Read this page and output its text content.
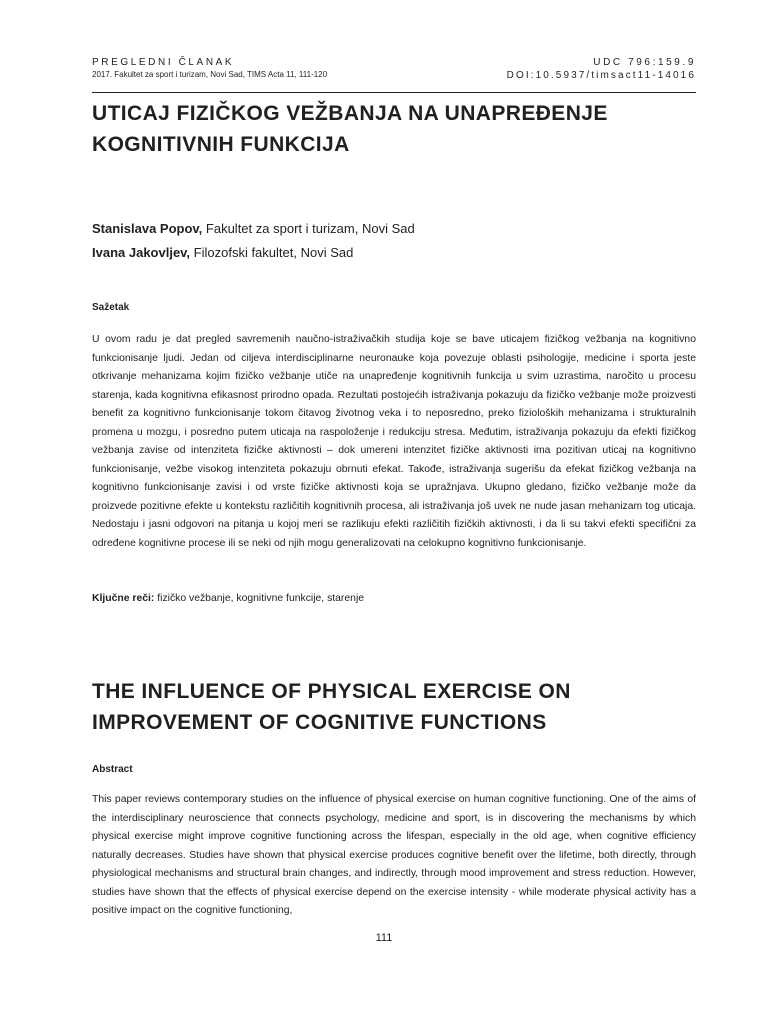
PREGLEDNI ČLANAK
2017. Fakultet za sport i turizam, Novi Sad, TIMS Acta 11, 111-120
UDC 796:159.9
DOI:10.5937/timsact11-14016
UTICAJ FIZIČKOG VEŽBANJA NA UNAPREĐENJE
KOGNITIVNIH FUNKCIJA
Stanislava Popov, Fakultet za sport i turizam, Novi Sad
Ivana Jakovljev, Filozofski fakultet, Novi Sad
Sažetak
U ovom radu je dat pregled savremenih naučno-istraživačkih studija koje se bave uticajem fizičkog vežbanja na kognitivno funkcionisanje ljudi. Jedan od ciljeva interdisciplinarne neuronauke koja povezuje oblasti psihologije, medicine i sporta jeste otkrivanje mehanizama kojim fizičko vežbanje utiče na unapređenje kognitivnih funkcija u svim uzrastima, naročito u procesu starenja, kada kognitivna efikasnost prirodno opada. Rezultati postojećih istraživanja pokazuju da fizičko vežbanje može proizvesti benefit za kognitivno funkcionisanje tokom čitavog životnog veka i to neposredno, preko fizioloških mehanizama i strukturalnih promena u mozgu, i posredno putem uticaja na raspoloženje i redukciju stresa. Međutim, istraživanja pokazuju da efekti fizičkog vežbanja zavise od intenziteta fizičke aktivnosti – dok umereni intenzitet fizičke aktivnosti ima pozitivan uticaj na kognitivno funkcionisanje, vežbe visokog intenziteta pokazuju obrnuti efekat. Takođe, istraživanja sugerišu da efekat fizičkog vežbanja na kognitivno funkcionisanje zavisi i od vrste fizičke aktivnosti koja se upražnjava. Ukupno gledano, fizičko vežbanje može da proizvede pozitivne efekte u kontekstu različitih kognitivnih procesa, ali istraživanja još uvek ne nude jasan mehanizam tog uticaja. Nedostaju i jasni odgovori na pitanja u kojoj meri se razlikuju efekti različitih fizičkih aktivnosti, i da li su takvi efekti specifični za određene kognitivne procese ili se neki od njih mogu generalizovati na celokupno kognitivno funkcionisanje.
Ključne reči: fizičko vežbanje, kognitivne funkcije, starenje
THE INFLUENCE OF PHYSICAL EXERCISE ON
IMPROVEMENT OF COGNITIVE FUNCTIONS
Abstract
This paper reviews contemporary studies on the influence of physical exercise on human cognitive functioning. One of the aims of the interdisciplinary neuroscience that connects psychology, medicine and sport, is in discovering the mechanisms by which physical exercise might improve cognitive functioning across the lifespan, especially in the old age, when cognitive efficiency naturally decreases. Studies have shown that physical exercise produces cognitive benefit over the lifetime, both directly, through physiological mechanisms and structural brain changes, and indirectly, through mood improvement and stress reduction. However, studies have shown that the effects of physical exercise depend on the exercise intensity - while moderate physical activity has a positive impact on the cognitive functioning,
111
